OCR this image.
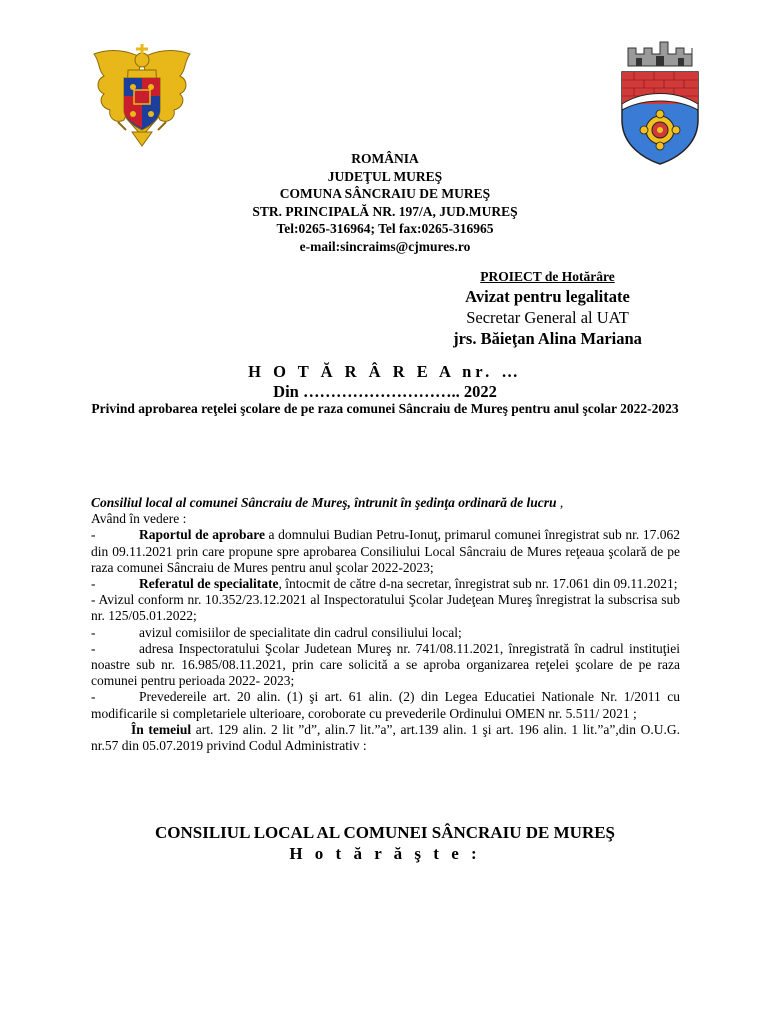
ROMÂNIA
JUDEŢUL MUREŞ
COMUNA SÂNCRAIU DE MUREŞ
STR. PRINCIPALĂ NR. 197/A, JUD.MUREŞ
Tel:0265-316964; Tel fax:0265-316965
e-mail:sincraims@cjmures.ro
PROIECT de Hotărâre
Avizat pentru legalitate
Secretar General al UAT
jrs. Băieţan Alina Mariana
H O T Ă R Â R E A nr. …
Din ……………………….. 2022
Privind aprobarea reţelei şcolare de pe raza comunei Sâncraiu de Mureş pentru anul şcolar 2022-2023

Consiliul local al comunei Sâncraiu de Mureş, întrunit în şedinţa ordinară de lucru ,

Având în vedere :

-	Raportul de aprobare a domnului Budian Petru-Ionuţ, primarul comunei înregistrat sub nr. 17.062 din 09.11.2021 prin care propune spre aprobarea Consiliului Local Sâncraiu de Mures reţeaua şcolară de pe raza comunei Sâncraiu de Mures pentru anul şcolar 2022-2023;

-	Referatul de specialitate, întocmit de către d-na secretar, înregistrat sub nr. 17.061 din 09.11.2021;

- Avizul conform nr. 10.352/23.12.2021 al Inspectoratului Şcolar Judeţean Mureş înregistrat la subscrisa sub nr. 125/05.01.2022;

-	avizul comisiilor de specialitate din cadrul consiliului local;

-	adresa Inspectoratului Şcolar Judetean Mureş nr. 741/08.11.2021, înregistrată în cadrul instituţiei noastre sub nr. 16.985/08.11.2021, prin care solicită a se aproba organizarea reţelei şcolare de pe raza comunei pentru perioada 2022- 2023;

-	Prevedereile art. 20 alin. (1) şi art. 61 alin. (2) din Legea Educatiei Nationale Nr. 1/2011 cu modificarile si completariele ulterioare, coroborate cu prevederile Ordinului OMEN nr. 5.511/ 2021 ;

În temeiul art. 129 alin. 2 lit ”d”, alin.7 lit.”a”, art.139 alin. 1 şi art. 196 alin. 1 lit.”a”,din O.U.G. nr.57 din 05.07.2019 privind Codul Administrativ :

CONSILIUL LOCAL AL COMUNEI SÂNCRAIU DE MUREŞ
H o t ă r ă ş t e :
